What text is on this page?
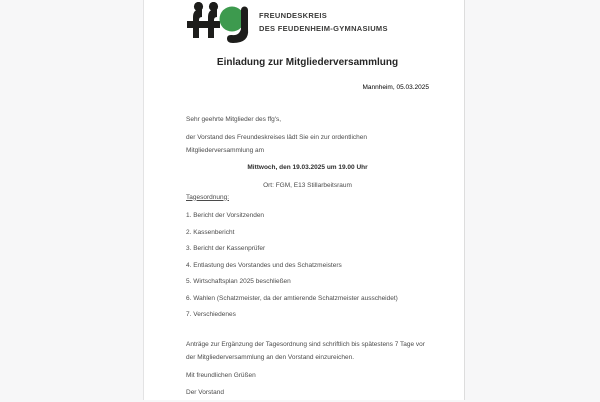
FREUNDESKREIS
DES FEUDENHEIM-GYMNASIUMS
Einladung zur Mitgliederversammlung
Mannheim, 05.03.2025

Sehr geehrte Mitglieder des ffg's,

der Vorstand des Freundeskreises lädt Sie ein zur ordentlichen
Mitgliederversammlung am

Mittwoch, den 19.03.2025 um 19.00 Uhr

Ort: FGM, E13 Stillarbeitsraum

Tagesordnung:

1. Bericht der Vorsitzenden

2. Kassenbericht

3. Bericht der Kassenprüfer

4. Entlastung des Vorstandes und des Schatzmeisters

5. Wirtschaftsplan 2025 beschließen

6. Wahlen (Schatzmeister, da der amtierende Schatzmeister ausscheidet)

7. Verschiedenes

Anträge zur Ergänzung der Tagesordnung sind schriftlich bis spätestens 7 Tage vor
der Mitgliederversammlung an den Vorstand einzureichen.

Mit freundlichen Grüßen

Der Vorstand
